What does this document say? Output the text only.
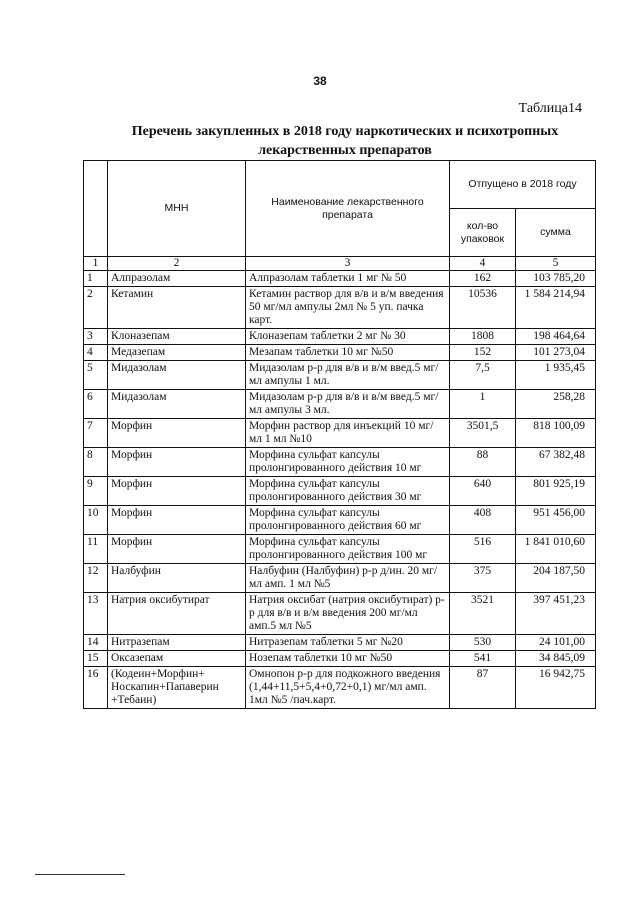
38
Таблица14
Перечень закупленных в 2018 году наркотических и психотропных
лекарственных препаратов
	МНН	Наименование лекарственного препарата	Отпущено в 2018 году	
			кол-во упаковок	сумма
1	2	3	4	5
1	Алпразолам	Алпразолам таблетки 1 мг № 50	162	103 785,20
2	Кетамин	Кетамин раствор для в/в и в/м введения 50 мг/мл ампулы 2мл № 5 уп. пачка карт.	10536	1 584 214,94
3	Клоназепам	Клоназепам таблетки 2 мг № 30	1808	198 464,64
4	Медазепам	Мезапам таблетки 10 мг №50	152	101 273,04
5	Мидазолам	Мидазолам р-р для в/в и в/м введ.5 мг/мл ампулы 1 мл.	7,5	1 935,45
6	Мидазолам	Мидазолам р-р для в/в и в/м введ.5 мг/мл ампулы 3 мл.	1	258,28
7	Морфин	Морфин раствор для инъекций 10 мг/мл 1 мл №10	3501,5	818 100,09
8	Морфин	Морфина сульфат капсулы пролонгированного действия 10 мг	88	67 382,48
9	Морфин	Морфина сульфат капсулы пролонгированного действия 30 мг	640	801 925,19
10	Морфин	Морфина сульфат капсулы пролонгированного действия 60 мг	408	951 456,00
11	Морфин	Морфина сульфат капсулы пролонгированного действия 100 мг	516	1 841 010,60
12	Налбуфин	Налбуфин (Налбуфин) р-р д/ин. 20 мг/мл амп. 1 мл №5	375	204 187,50
13	Натрия оксибутират	Натрия оксибат (натрия оксибутират) р-р для в/в и в/м введения 200 мг/мл амп.5 мл №5	3521	397 451,23
14	Нитразепам	Нитразепам таблетки 5 мг №20	530	24 101,00
15	Оксазепам	Нозепам таблетки 10 мг №50	541	34 845,09
16	(Кодеин+Морфин+ Носкапин+Папаверин +Тебаин)	Омнопон р-р для подкожного введения (1,44+11,5+5,4+0,72+0,1) мг/мл амп. 1мл №5 /пач.карт.	87	16 942,75
